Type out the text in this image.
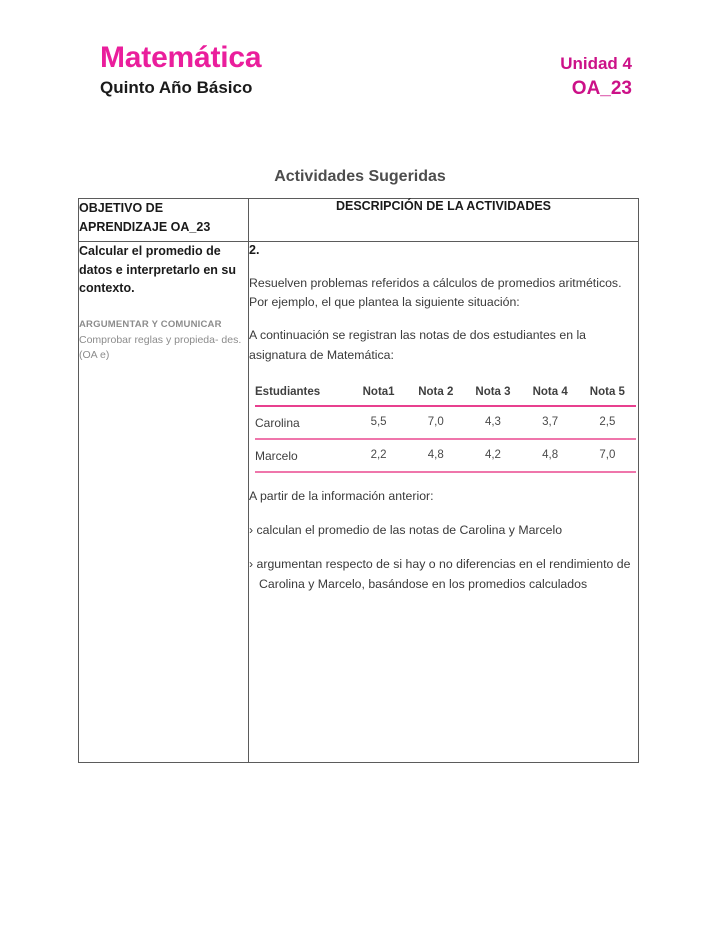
Matemática
Quinto Año Básico
Unidad 4
OA_23
Actividades Sugeridas
OBJETIVO DE APRENDIZAJE OA_23	DESCRIPCIÓN DE LA ACTIVIDADES

Calcular el promedio de datos e interpretarlo en su contexto.
ARGUMENTAR Y COMUNICAR
Comprobar reglas y propieda- des. (OA e)

2.
Resuelven problemas referidos a cálculos de promedios aritméticos. Por ejemplo, el que plantea la siguiente situación:
A continuación se registran las notas de dos estudiantes en la asignatura de Matemática:
Estudiantes	Nota1	Nota 2	Nota 3	Nota 4	Nota 5
Carolina	5,5	7,0	4,3	3,7	2,5
Marcelo	2,2	4,8	4,2	4,8	7,0
A partir de la información anterior:
› calculan el promedio de las notas de Carolina y Marcelo
› argumentan respecto de si hay o no diferencias en el rendimiento de Carolina y Marcelo, basándose en los promedios calculados
